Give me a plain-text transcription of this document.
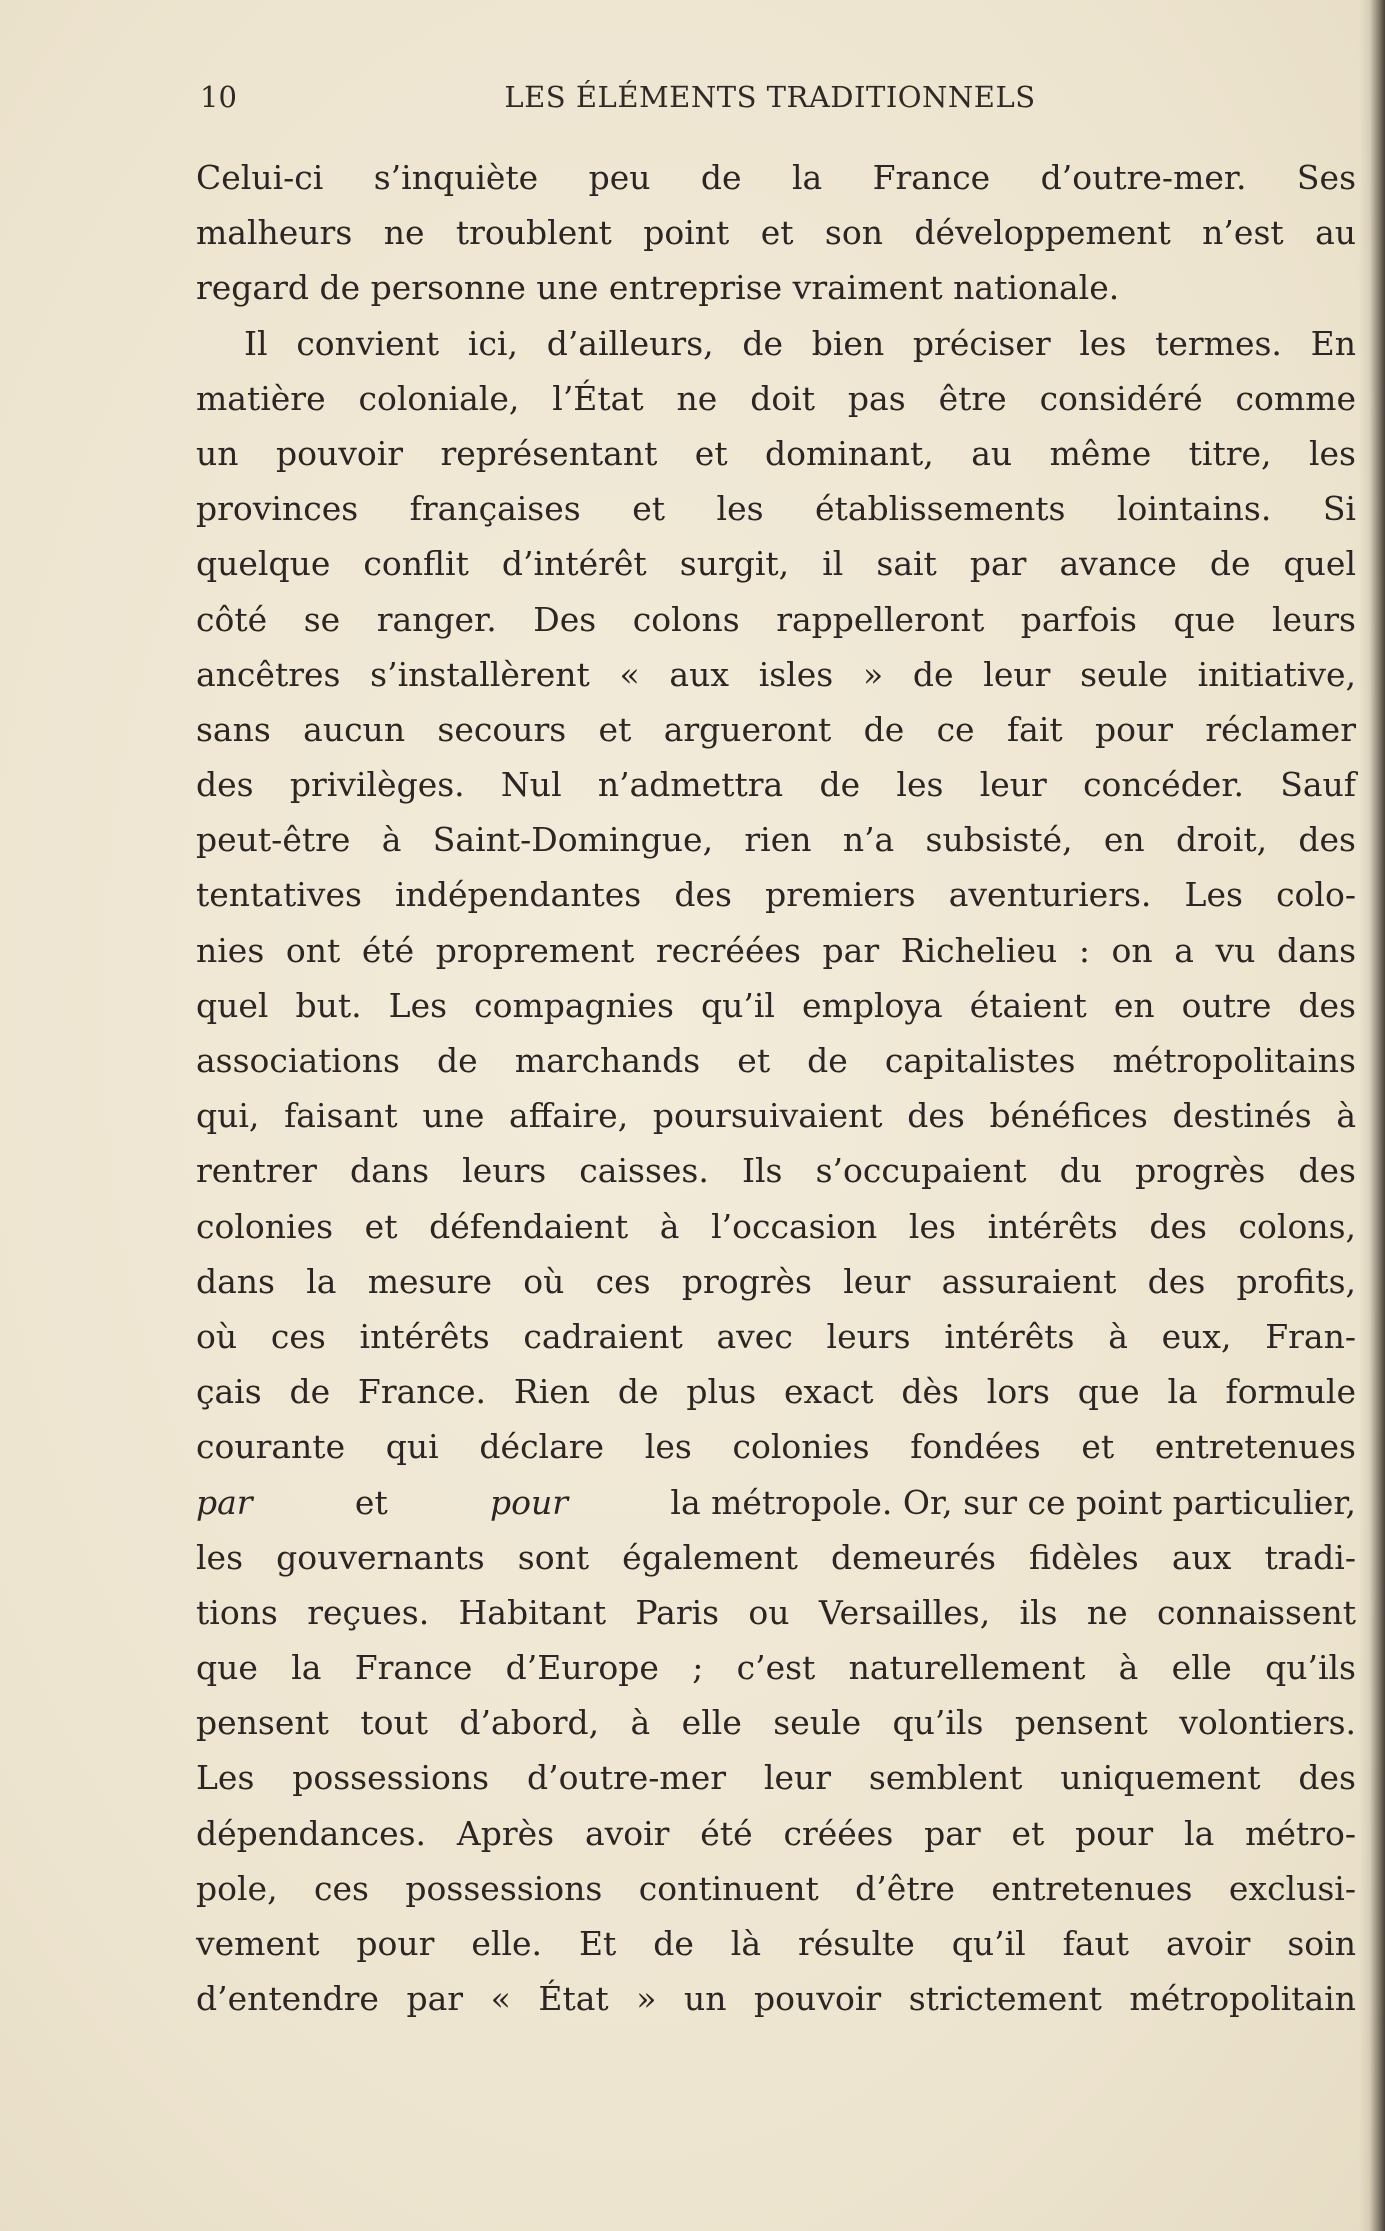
10	LES ÉLÉMENTS TRADITIONNELS
Celui-ci s’inquiète peu de la France d’outre-mer. Ses
malheurs ne troublent point et son développement n’est au
regard de personne une entreprise vraiment nationale.
Il convient ici, d’ailleurs, de bien préciser les termes. En
matière coloniale, l’État ne doit pas être considéré comme
un pouvoir représentant et dominant, au même titre, les
provinces françaises et les établissements lointains. Si
quelque conflit d’intérêt surgit, il sait par avance de quel
côté se ranger. Des colons rappelleront parfois que leurs
ancêtres s’installèrent « aux isles » de leur seule initiative,
sans aucun secours et argueront de ce fait pour réclamer
des privilèges. Nul n’admettra de les leur concéder. Sauf
peut-être à Saint-Domingue, rien n’a subsisté, en droit, des
tentatives indépendantes des premiers aventuriers. Les colo-
nies ont été proprement recréées par Richelieu : on a vu dans
quel but. Les compagnies qu’il employa étaient en outre des
associations de marchands et de capitalistes métropolitains
qui, faisant une affaire, poursuivaient des bénéfices destinés à
rentrer dans leurs caisses. Ils s’occupaient du progrès des
colonies et défendaient à l’occasion les intérêts des colons,
dans la mesure où ces progrès leur assuraient des profits,
où ces intérêts cadraient avec leurs intérêts à eux, Fran-
çais de France. Rien de plus exact dès lors que la formule
courante qui déclare les colonies fondées et entretenues
par	et	pour	la métropole. Or, sur ce point particulier,
les gouvernants sont également demeurés fidèles aux tradi-
tions reçues. Habitant Paris ou Versailles, ils ne connaissent
que la France d’Europe ; c’est naturellement à elle qu’ils
pensent tout d’abord, à elle seule qu’ils pensent volontiers.
Les possessions d’outre-mer leur semblent uniquement des
dépendances. Après avoir été créées par et pour la métro-
pole, ces possessions continuent d’être entretenues exclusi-
vement pour elle. Et de là résulte qu’il faut avoir soin
d’entendre par « État » un pouvoir strictement métropolitain
